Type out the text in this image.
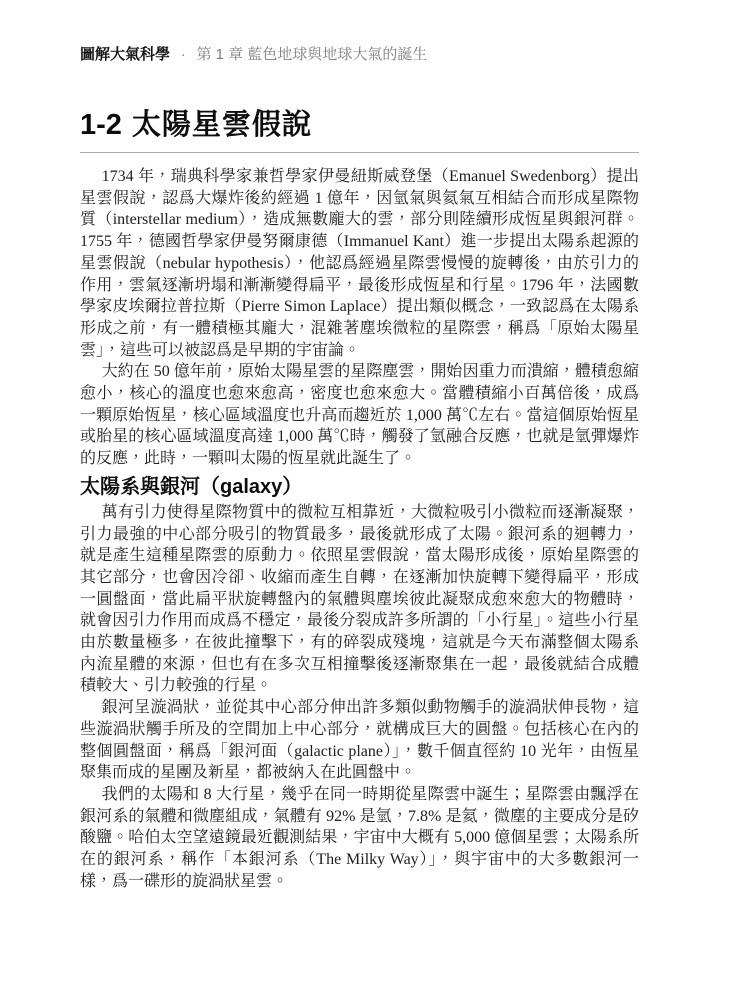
圖解大氣科學 · 第 1 章 藍色地球與地球大氣的誕生
1-2 太陽星雲假說

1734 年，瑞典科學家兼哲學家伊曼紐斯威登堡（Emanuel Swedenborg）提出星雲假說，認爲大爆炸後約經過 1 億年，因氫氣與氦氣互相結合而形成星際物質（interstellar medium），造成無數龐大的雲，部分則陸續形成恆星與銀河群。1755 年，德國哲學家伊曼努爾康德（Immanuel Kant）進一步提出太陽系起源的星雲假說（nebular hypothesis），他認爲經過星際雲慢慢的旋轉後，由於引力的作用，雲氣逐漸坍塌和漸漸變得扁平，最後形成恆星和行星。1796 年，法國數學家皮埃爾拉普拉斯（Pierre Simon Laplace）提出類似概念，一致認爲在太陽系形成之前，有一體積極其龐大，混雜著塵埃微粒的星際雲，稱爲「原始太陽星雲」，這些可以被認爲是早期的宇宙論。

大約在 50 億年前，原始太陽星雲的星際塵雲，開始因重力而潰縮，體積愈縮愈小，核心的溫度也愈來愈高，密度也愈來愈大。當體積縮小百萬倍後，成爲一顆原始恆星，核心區域溫度也升高而趨近於 1,000 萬℃左右。當這個原始恆星或胎星的核心區域溫度高達 1,000 萬℃時，觸發了氫融合反應，也就是氫彈爆炸的反應，此時，一顆叫太陽的恆星就此誕生了。

太陽系與銀河（galaxy）

萬有引力使得星際物質中的微粒互相靠近，大微粒吸引小微粒而逐漸凝聚，引力最強的中心部分吸引的物質最多，最後就形成了太陽。銀河系的迴轉力，就是產生這種星際雲的原動力。依照星雲假說，當太陽形成後，原始星際雲的其它部分，也會因冷卻、收縮而產生自轉，在逐漸加快旋轉下變得扁平，形成一圓盤面，當此扁平狀旋轉盤內的氣體與塵埃彼此凝聚成愈來愈大的物體時，就會因引力作用而成爲不穩定，最後分裂成許多所謂的「小行星」。這些小行星由於數量極多，在彼此撞擊下，有的碎裂成殘塊，這就是今天布滿整個太陽系內流星體的來源，但也有在多次互相撞擊後逐漸聚集在一起，最後就結合成體積較大、引力較強的行星。

銀河呈漩渦狀，並從其中心部分伸出許多類似動物觸手的漩渦狀伸長物，這些漩渦狀觸手所及的空間加上中心部分，就構成巨大的圓盤。包括核心在內的整個圓盤面，稱爲「銀河面（galactic plane）」，數千個直徑約 10 光年，由恆星聚集而成的星團及新星，都被納入在此圓盤中。

我們的太陽和 8 大行星，幾乎在同一時期從星際雲中誕生；星際雲由飄浮在銀河系的氣體和微塵組成，氣體有 92% 是氫，7.8% 是氦，微塵的主要成分是矽酸鹽。哈伯太空望遠鏡最近觀測結果，宇宙中大概有 5,000 億個星雲；太陽系所在的銀河系，稱作「本銀河系（The Milky Way）」，與宇宙中的大多數銀河一樣，爲一碟形的旋渦狀星雲。
